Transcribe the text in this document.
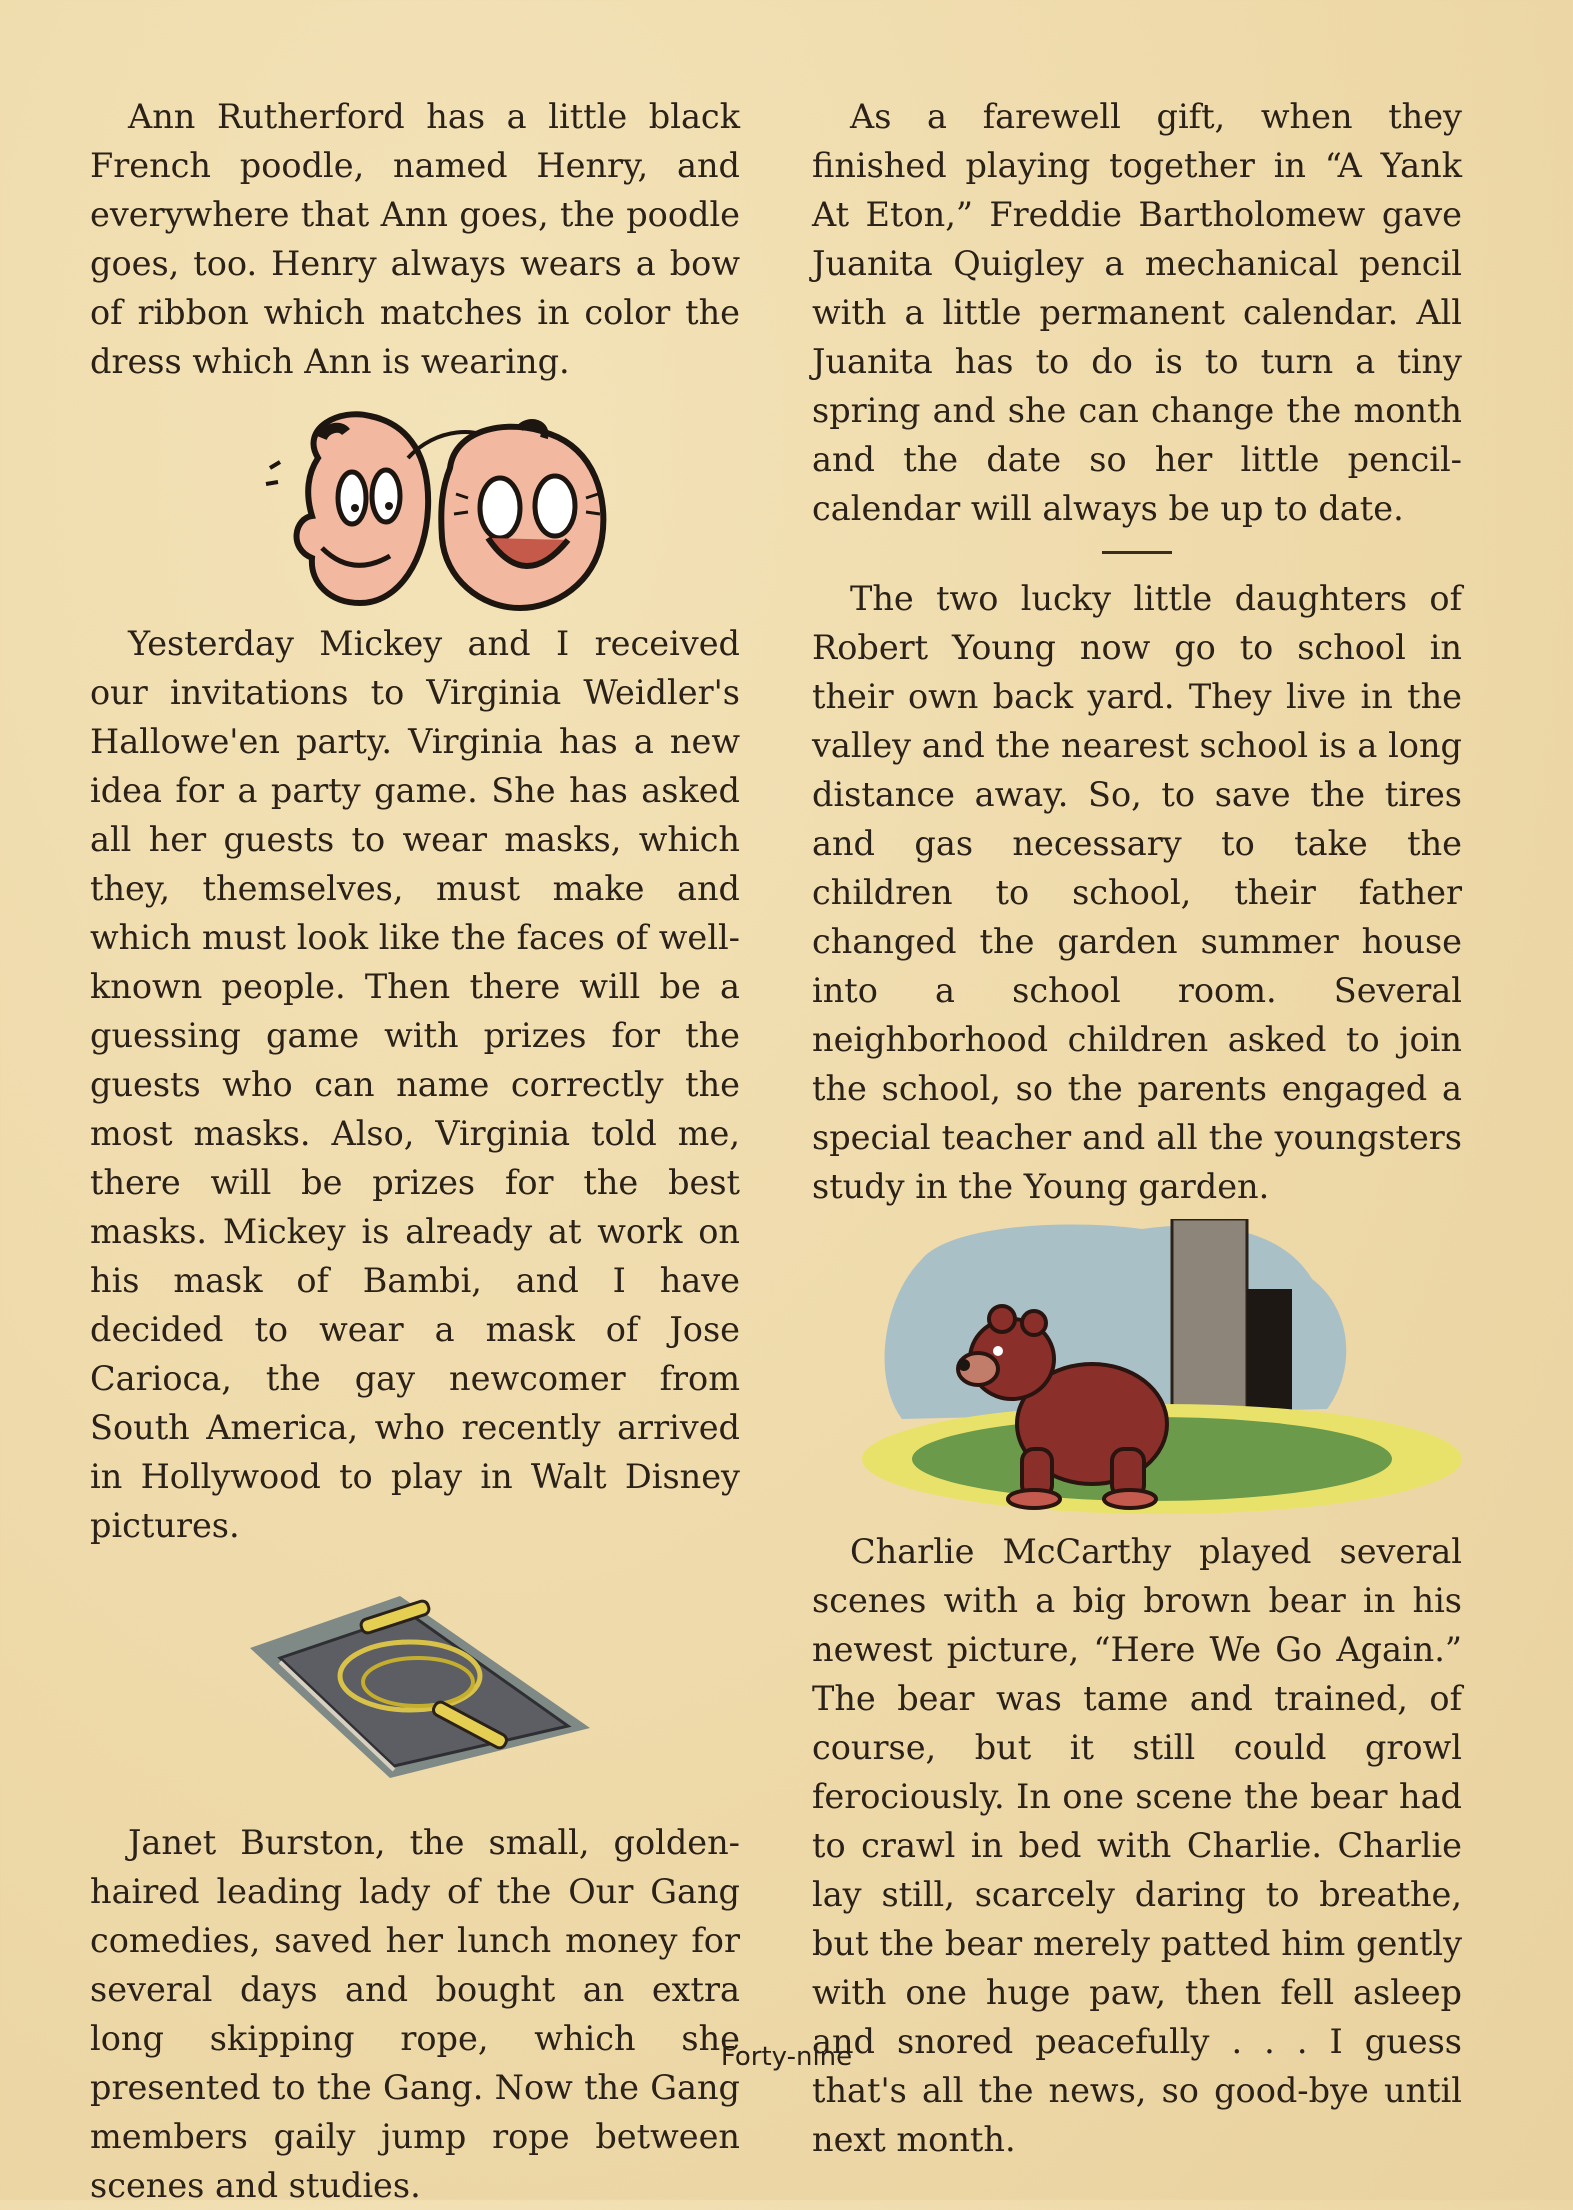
Ann Rutherford has a little black French poodle, named Henry, and everywhere that Ann goes, the poodle goes, too. Henry always wears a bow of ribbon which matches in color the dress which Ann is wearing.

Yesterday Mickey and I received our invitations to Virginia Weidler's Hallowe'en party. Virginia has a new idea for a party game. She has asked all her guests to wear masks, which they, themselves, must make and which must look like the faces of well-known people. Then there will be a guessing game with prizes for the guests who can name correctly the most masks. Also, Virginia told me, there will be prizes for the best masks. Mickey is already at work on his mask of Bambi, and I have decided to wear a mask of Jose Carioca, the gay newcomer from South America, who recently arrived in Hollywood to play in Walt Disney pictures.

Janet Burston, the small, golden-haired leading lady of the Our Gang comedies, saved her lunch money for several days and bought an extra long skipping rope, which she presented to the Gang. Now the Gang members gaily jump rope between scenes and studies.

As a farewell gift, when they finished playing together in “A Yank At Eton,” Freddie Bartholomew gave Juanita Quigley a mechanical pencil with a little permanent calendar. All Juanita has to do is to turn a tiny spring and she can change the month and the date so her little pencil-calendar will always be up to date.

The two lucky little daughters of Robert Young now go to school in their own back yard. They live in the valley and the nearest school is a long distance away. So, to save the tires and gas necessary to take the children to school, their father changed the garden summer house into a school room. Several neighborhood children asked to join the school, so the parents engaged a special teacher and all the youngsters study in the Young garden.

Charlie McCarthy played several scenes with a big brown bear in his newest picture, “Here We Go Again.” The bear was tame and trained, of course, but it still could growl ferociously. In one scene the bear had to crawl in bed with Charlie. Charlie lay still, scarcely daring to breathe, but the bear merely patted him gently with one huge paw, then fell asleep and snored peacefully . . . I guess that's all the news, so good-bye until next month.

Forty-nine
